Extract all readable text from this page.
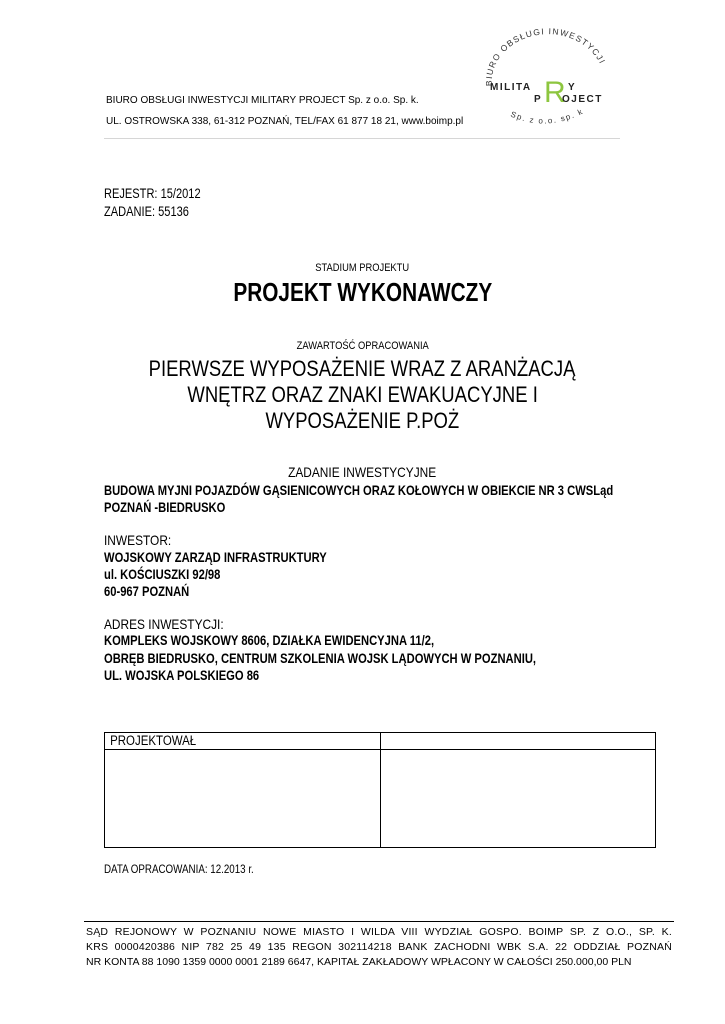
BIURO OBSŁUGI INWESTYCJI MILITARY PROJECT Sp. z o.o. Sp. k.
UL. OSTROWSKA 338, 61-312 POZNAŃ, TEL/FAX 61 877 18 21, www.boimp.pl
BIURO OBSŁUGI INWESTYCJI
MILITA R Y
P OJECT
Sp. z o.o. sp. k
REJESTR: 15/2012
ZADANIE: 55136
STADIUM PROJEKTU
PROJEKT WYKONAWCZY
ZAWARTOŚĆ OPRACOWANIA
PIERWSZE WYPOSAŻENIE WRAZ Z ARANŻACJĄ
WNĘTRZ ORAZ ZNAKI EWAKUACYJNE I
WYPOSAŻENIE P.POŻ
ZADANIE INWESTYCYJNE
BUDOWA MYJNI POJAZDÓW GĄSIENICOWYCH ORAZ KOŁOWYCH W OBIEKCIE NR 3 CWSLąd
POZNAŃ -BIEDRUSKO
INWESTOR:
WOJSKOWY ZARZĄD INFRASTRUKTURY
ul. KOŚCIUSZKI 92/98
60-967 POZNAŃ
ADRES INWESTYCJI:
KOMPLEKS WOJSKOWY 8606, DZIAŁKA EWIDENCYJNA 11/2,
OBRĘB BIEDRUSKO, CENTRUM SZKOLENIA WOJSK LĄDOWYCH W POZNANIU,
UL. WOJSKA POLSKIEGO 86
PROJEKTOWAŁ	

DATA OPRACOWANIA: 12.2013 r.
SĄD REJONOWY W POZNANIU NOWE MIASTO I WILDA VIII WYDZIAŁ GOSPO. BOIMP SP. Z O.O., SP. K.
KRS 0000420386 NIP 782 25 49 135 REGON 302114218 BANK ZACHODNI WBK S.A. 22 ODDZIAŁ POZNAŃ
NR KONTA 88 1090 1359 0000 0001 2189 6647, KAPITAŁ ZAKŁADOWY WPŁACONY W CAŁOŚCI 250.000,00 PLN
